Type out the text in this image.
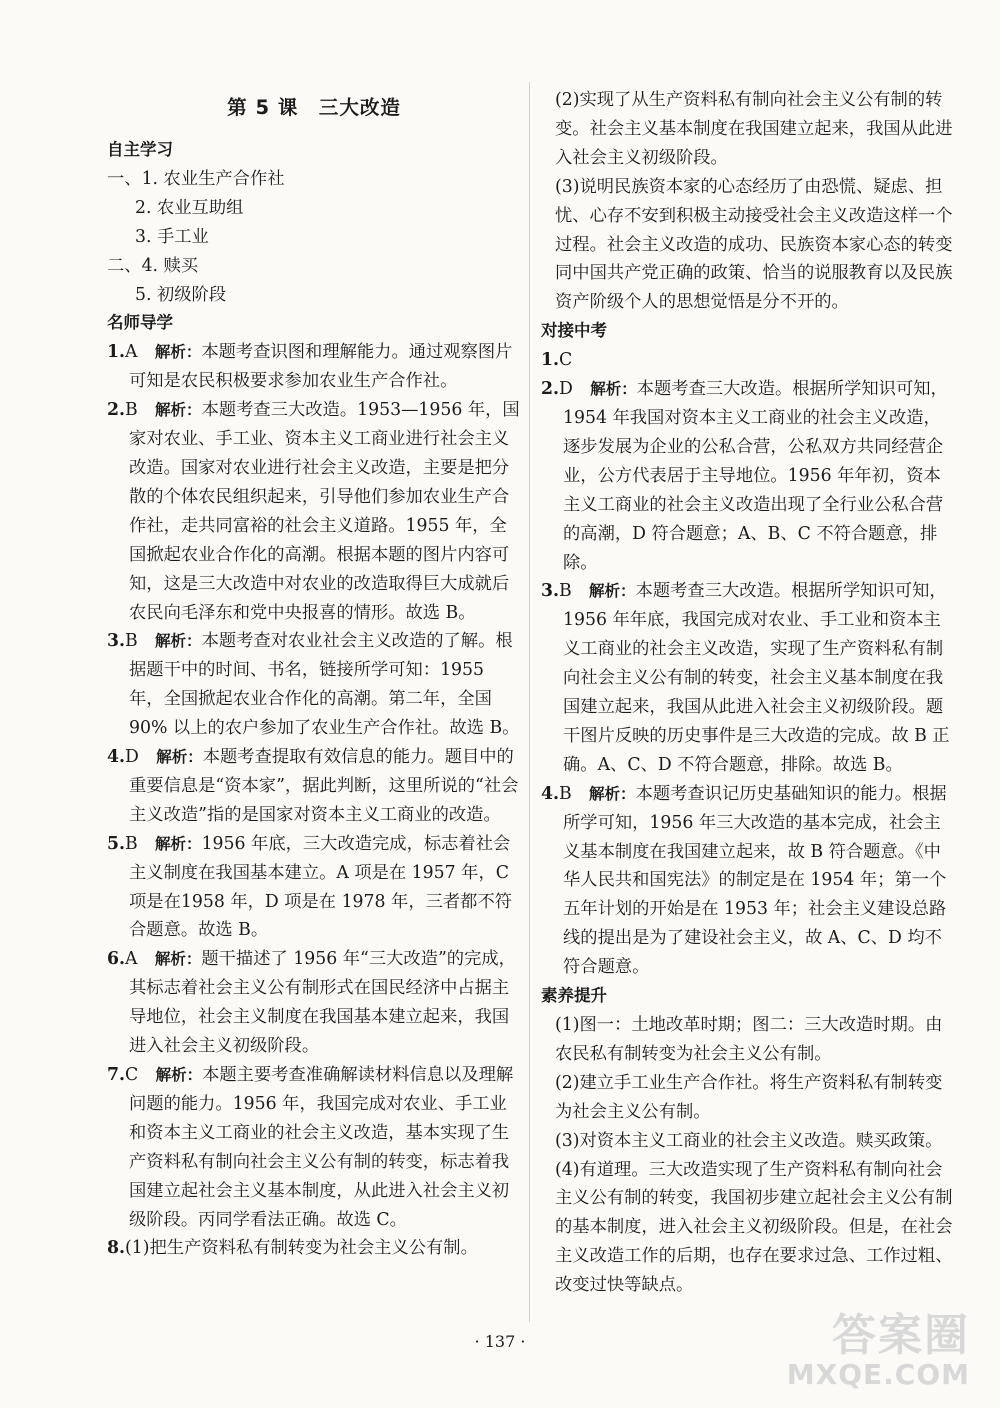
第 5 课　三大改造

自主学习

一、1. 农业生产合作社

2. 农业互助组

3. 手工业

二、4. 赎买

5. 初级阶段

名师导学

1.A　 解析：本题考查识图和理解能力。通过观察图片可知是农民积极要求参加农业生产合作社。

2.B　 解析：本题考查三大改造。1953—1956 年，国家对农业、手工业、资本主义工商业进行社会主义改造。国家对农业进行社会主义改造，主要是把分散的个体农民组织起来，引导他们参加农业生产合作社，走共同富裕的社会主义道路。1955 年，全国掀起农业合作化的高潮。根据本题的图片内容可知，这是三大改造中对农业的改造取得巨大成就后农民向毛泽东和党中央报喜的情形。故选 B。

3.B　 解析：本题考查对农业社会主义改造的了解。根据题干中的时间、书名，链接所学可知：1955 年，全国掀起农业合作化的高潮。第二年，全国 90% 以上的农户参加了农业生产合作社。故选 B。

4.D　 解析：本题考查提取有效信息的能力。题目中的重要信息是“资本家”，据此判断，这里所说的“社会主义改造”指的是国家对资本主义工商业的改造。

5.B　 解析：1956 年底，三大改造完成，标志着社会主义制度在我国基本建立。A 项是在 1957 年，C 项是在1958 年，D 项是在 1978 年，三者都不符合题意。故选 B。

6.A　 解析：题干描述了 1956 年“三大改造”的完成，其标志着社会主义公有制形式在国民经济中占据主导地位，社会主义制度在我国基本建立起来，我国进入社会主义初级阶段。

7.C　 解析：本题主要考查准确解读材料信息以及理解问题的能力。1956 年，我国完成对农业、手工业和资本主义工商业的社会主义改造，基本实现了生产资料私有制向社会主义公有制的转变，标志着我国建立起社会主义基本制度，从此进入社会主义初级阶段。丙同学看法正确。故选 C。

8.(1)把生产资料私有制转变为社会主义公有制。

(2)实现了从生产资料私有制向社会主义公有制的转变。社会主义基本制度在我国建立起来，我国从此进入社会主义初级阶段。

(3)说明民族资本家的心态经历了由恐慌、疑虑、担忧、心存不安到积极主动接受社会主义改造这样一个过程。社会主义改造的成功、民族资本家心态的转变同中国共产党正确的政策、恰当的说服教育以及民族资产阶级个人的思想觉悟是分不开的。

对接中考

1.C

2.D　 解析：本题考查三大改造。根据所学知识可知，1954 年我国对资本主义工商业的社会主义改造，逐步发展为企业的公私合营，公私双方共同经营企业，公方代表居于主导地位。1956 年年初，资本主义工商业的社会主义改造出现了全行业公私合营的高潮，D 符合题意；A、B、C 不符合题意，排除。

3.B　 解析：本题考查三大改造。根据所学知识可知，1956 年年底，我国完成对农业、手工业和资本主义工商业的社会主义改造，实现了生产资料私有制向社会主义公有制的转变，社会主义基本制度在我国建立起来，我国从此进入社会主义初级阶段。题干图片反映的历史事件是三大改造的完成。故 B 正确。A、C、D 不符合题意，排除。故选 B。

4.B　 解析：本题考查识记历史基础知识的能力。根据所学可知，1956 年三大改造的基本完成，社会主义基本制度在我国建立起来，故 B 符合题意。《中华人民共和国宪法》的制定是在 1954 年；第一个五年计划的开始是在 1953 年；社会主义建设总路线的提出是为了建设社会主义，故 A、C、D 均不符合题意。

素养提升

(1)图一：土地改革时期；图二：三大改造时期。由农民私有制转变为社会主义公有制。

(2)建立手工业生产合作社。将生产资料私有制转变为社会主义公有制。

(3)对资本主义工商业的社会主义改造。赎买政策。

(4)有道理。三大改造实现了生产资料私有制向社会主义公有制的转变，我国初步建立起社会主义公有制的基本制度，进入社会主义初级阶段。但是，在社会主义改造工作的后期，也存在要求过急、工作过粗、改变过快等缺点。

· 137 ·	答案圈
MXQE.COM
